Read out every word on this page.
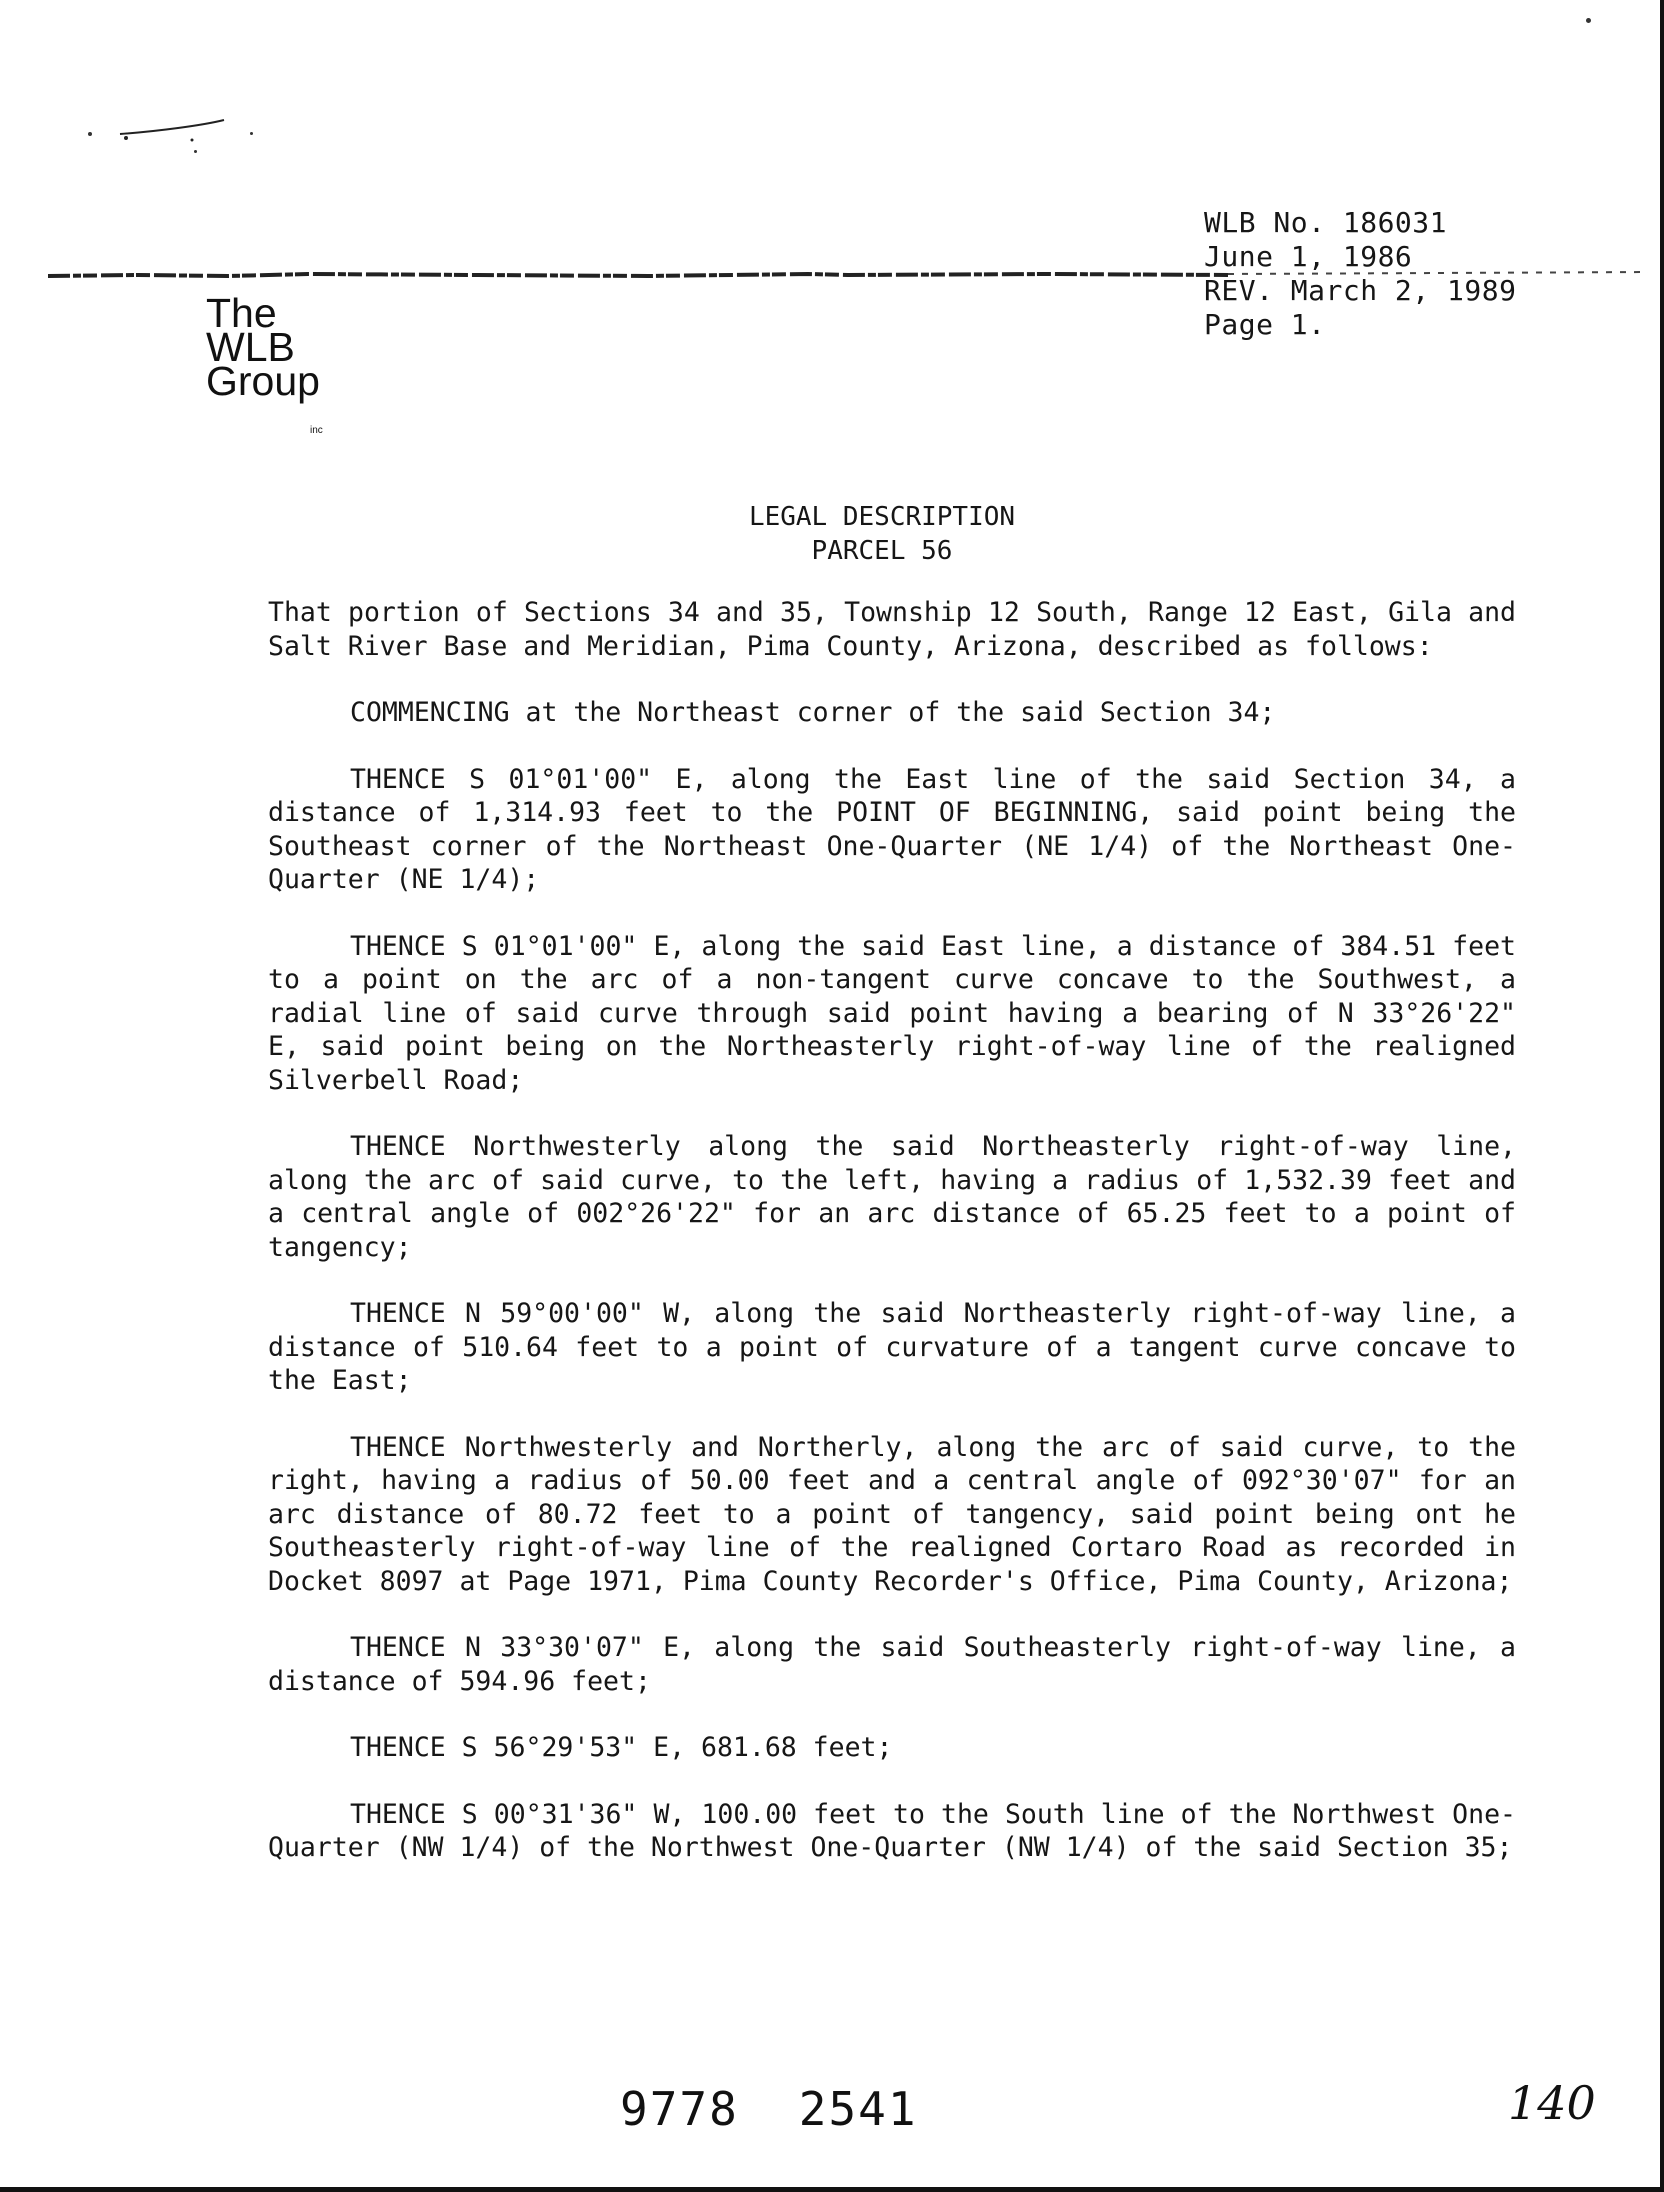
WLB No. 186031
June 1, 1986
REV. March 2, 1989
Page 1.
The
WLB
Group
inc
LEGAL DESCRIPTION
PARCEL 56

That portion of Sections 34 and 35, Township 12 South, Range 12 East, Gila and Salt River Base and Meridian, Pima County, Arizona, described as follows:

COMMENCING at the Northeast corner of the said Section 34;

THENCE S 01°01'00" E, along the East line of the said Section 34, a distance of 1,314.93 feet to the POINT OF BEGINNING, said point being the Southeast corner of the Northeast One-Quarter (NE 1/4) of the Northeast One-Quarter (NE 1/4);

THENCE S 01°01'00" E, along the said East line, a distance of 384.51 feet to a point on the arc of a non-tangent curve concave to the Southwest, a radial line of said curve through said point having a bearing of N 33°26'22" E, said point being on the Northeasterly right-of-way line of the realigned Silverbell Road;

THENCE Northwesterly along the said Northeasterly right-of-way line, along the arc of said curve, to the left, having a radius of 1,532.39 feet and a central angle of 002°26'22" for an arc distance of 65.25 feet to a point of tangency;

THENCE N 59°00'00" W, along the said Northeasterly right-of-way line, a distance of 510.64 feet to a point of curvature of a tangent curve concave to the East;

THENCE Northwesterly and Northerly, along the arc of said curve, to the right, having a radius of 50.00 feet and a central angle of 092°30'07" for an arc distance of 80.72 feet to a point of tangency, said point being ont he Southeasterly right-of-way line of the realigned Cortaro Road as recorded in Docket 8097 at Page 1971, Pima County Recorder's Office, Pima County, Arizona;

THENCE N 33°30'07" E, along the said Southeasterly right-of-way line, a distance of 594.96 feet;

THENCE S 56°29'53" E, 681.68 feet;

THENCE S 00°31'36" W, 100.00 feet to the South line of the Northwest One-Quarter (NW 1/4) of the Northwest One-Quarter (NW 1/4) of the said Section 35;

9778 2541	140
